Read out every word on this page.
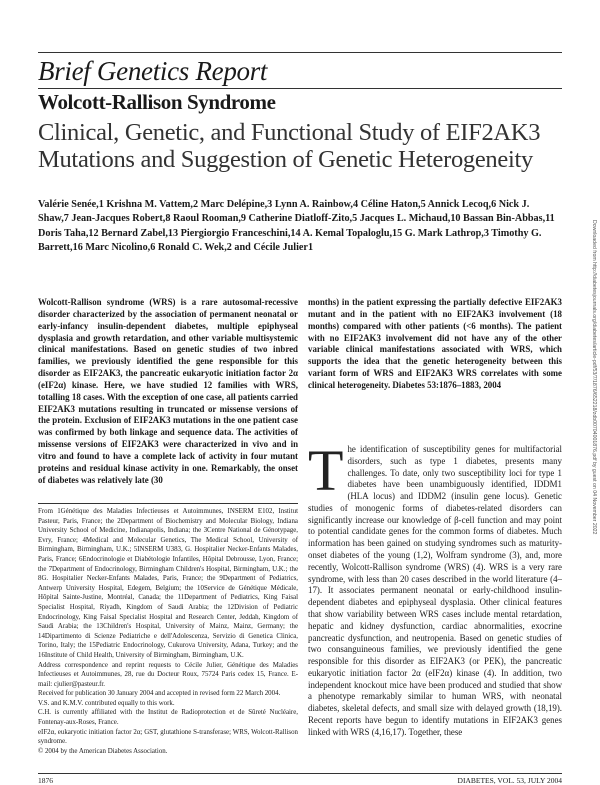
Brief Genetics Report
Wolcott-Rallison Syndrome
Clinical, Genetic, and Functional Study of EIF2AK3 Mutations and Suggestion of Genetic Heterogeneity
Valérie Senée,1 Krishna M. Vattem,2 Marc Delépine,3 Lynn A. Rainbow,4 Céline Haton,5 Annick Lecoq,6 Nick J. Shaw,7 Jean-Jacques Robert,8 Raoul Rooman,9 Catherine Diatloff-Zito,5 Jacques L. Michaud,10 Bassan Bin-Abbas,11 Doris Taha,12 Bernard Zabel,13 Piergiorgio Franceschini,14 A. Kemal Topaloglu,15 G. Mark Lathrop,3 Timothy G. Barrett,16 Marc Nicolino,6 Ronald C. Wek,2 and Cécile Julier1
Wolcott-Rallison syndrome (WRS) is a rare autosomal-recessive disorder characterized by the association of permanent neonatal or early-infancy insulin-dependent diabetes, multiple epiphyseal dysplasia and growth retardation, and other variable multisystemic clinical manifestations. Based on genetic studies of two inbred families, we previously identified the gene responsible for this disorder as EIF2AK3, the pancreatic eukaryotic initiation factor 2α (eIF2α) kinase. Here, we have studied 12 families with WRS, totalling 18 cases. With the exception of one case, all patients carried EIF2AK3 mutations resulting in truncated or missense versions of the protein. Exclusion of EIF2AK3 mutations in the one patient case was confirmed by both linkage and sequence data. The activities of missense versions of EIF2AK3 were characterized in vivo and in vitro and found to have a complete lack of activity in four mutant proteins and residual kinase activity in one. Remarkably, the onset of diabetes was relatively late (30
months) in the patient expressing the partially defective EIF2AK3 mutant and in the patient with no EIF2AK3 involvement (18 months) compared with other patients (<6 months). The patient with no EIF2AK3 involvement did not have any of the other variable clinical manifestations associated with WRS, which supports the idea that the genetic heterogeneity between this variant form of WRS and EIF2AK3 WRS correlates with some clinical heterogeneity. Diabetes 53:1876–1883, 2004
From 1Génétique des Maladies Infectieuses et Autoimmunes, INSERM E102, Institut Pasteur, Paris, France; the 2Department of Biochemistry and Molecular Biology, Indiana University School of Medicine, Indianapolis, Indiana; the 3Centre National de Génotypage, Evry, France; 4Medical and Molecular Genetics, The Medical School, University of Birmingham, Birmingham, U.K.; 5INSERM U383, G. Hospitalier Necker-Enfants Malades, Paris, France; 6Endocrinologie et Diabétologie Infantiles, Hôpital Debrousse, Lyon, France; the 7Department of Endocrinology, Birmingham Children's Hospital, Birmingham, U.K.; the 8G. Hospitalier Necker-Enfants Malades, Paris, France; the 9Department of Pediatrics, Antwerp University Hospital, Edegem, Belgium; the 10Service de Génétique Médicale, Hôpital Sainte-Justine, Montréal, Canada; the 11Department of Pediatrics, King Faisal Specialist Hospital, Riyadh, Kingdom of Saudi Arabia; the 12Division of Pediatric Endocrinology, King Faisal Specialist Hospital and Research Center, Jeddah, Kingdom of Saudi Arabia; the 13Children's Hospital, University of Mainz, Mainz, Germany; the 14Dipartimento di Scienze Pediatriche e dell'Adolescenza, Servizio di Genetica Clinica, Torino, Italy; the 15Pediatric Endocrinology, Cukurova University, Adana, Turkey; and the 16Institute of Child Health, University of Birmingham, Birmingham, U.K.
Address correspondence and reprint requests to Cécile Julier, Génétique des Maladies Infectieuses et Autoimmunes, 28, rue du Docteur Roux, 75724 Paris cedex 15, France. E-mail: cjulier@pasteur.fr.
Received for publication 30 January 2004 and accepted in revised form 22 March 2004.
V.S. and K.M.V. contributed equally to this work.
C.H. is currently affiliated with the Institut de Radioprotection et de Sûreté Nucléaire, Fontenay-aux-Roses, France.
eIF2α, eukaryotic initiation factor 2α; GST, glutathione S-transferase; WRS, Wolcott-Rallison syndrome.
© 2004 by the American Diabetes Association.
The identification of susceptibility genes for multifactorial disorders, such as type 1 diabetes, presents many challenges. To date, only two susceptibility loci for type 1 diabetes have been unambiguously identified, IDDM1 (HLA locus) and IDDM2 (insulin gene locus). Genetic studies of monogenic forms of diabetes-related disorders can significantly increase our knowledge of β-cell function and may point to potential candidate genes for the common forms of diabetes. Much information has been gained on studying syndromes such as maturity-onset diabetes of the young (1,2), Wolfram syndrome (3), and, more recently, Wolcott-Rallison syndrome (WRS) (4). WRS is a very rare syndrome, with less than 20 cases described in the world literature (4–17). It associates permanent neonatal or early-childhood insulin-dependent diabetes and epiphyseal dysplasia. Other clinical features that show variability between WRS cases include mental retardation, hepatic and kidney dysfunction, cardiac abnormalities, exocrine pancreatic dysfunction, and neutropenia. Based on genetic studies of two consanguineous families, we previously identified the gene responsible for this disorder as EIF2AK3 (or PEK), the pancreatic eukaryotic initiation factor 2α (eIF2α) kinase (4). In addition, two independent knockout mice have been produced and studied that show a phenotype remarkably similar to human WRS, with neonatal diabetes, skeletal defects, and small size with delayed growth (18,19). Recent reports have begun to identify mutations in EIF2AK3 genes linked with WRS (4,16,17). Together, these
Downloaded from http://diabetesjournals.org/diabetes/article-pdf/53/7/1876/652218/zdb00704001876.pdf by guest on 04 November 2022
1876	DIABETES, VOL. 53, JULY 2004
